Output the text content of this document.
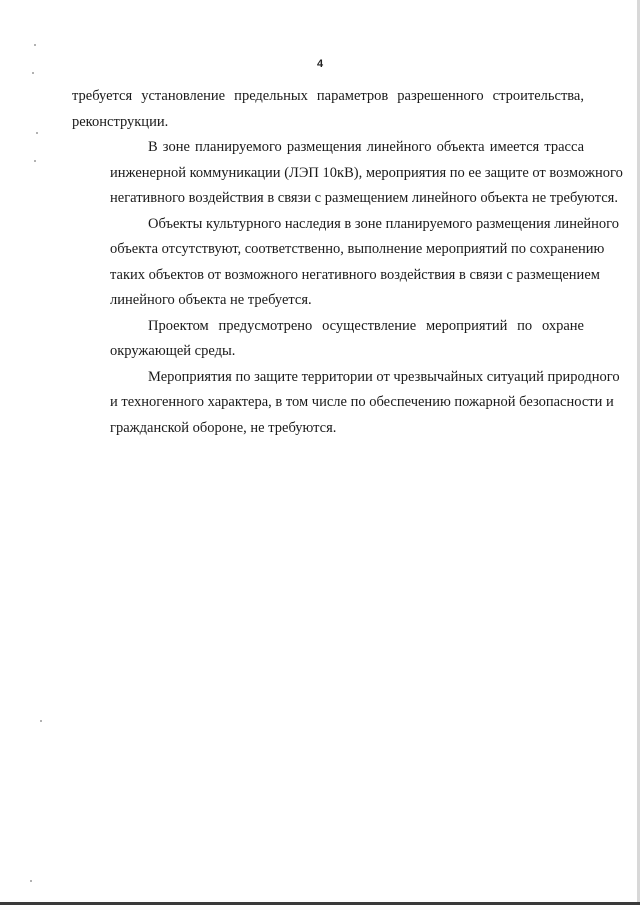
4
требуется установление предельных параметров разрешенного строительства,
реконструкции.
В зоне планируемого размещения линейного объекта имеется трасса
инженерной коммуникации (ЛЭП 10кВ), мероприятия по ее защите от возможного
негативного воздействия в связи с размещением линейного объекта не требуются.
Объекты культурного наследия в зоне планируемого размещения линейного
объекта отсутствуют, соответственно, выполнение мероприятий по сохранению
таких объектов от возможного негативного воздействия в связи с размещением
линейного объекта не требуется.
Проектом предусмотрено осуществление мероприятий по охране
окружающей среды.
Мероприятия по защите территории от чрезвычайных ситуаций природного
и техногенного характера, в том числе по обеспечению пожарной безопасности и
гражданской обороне, не требуются.
